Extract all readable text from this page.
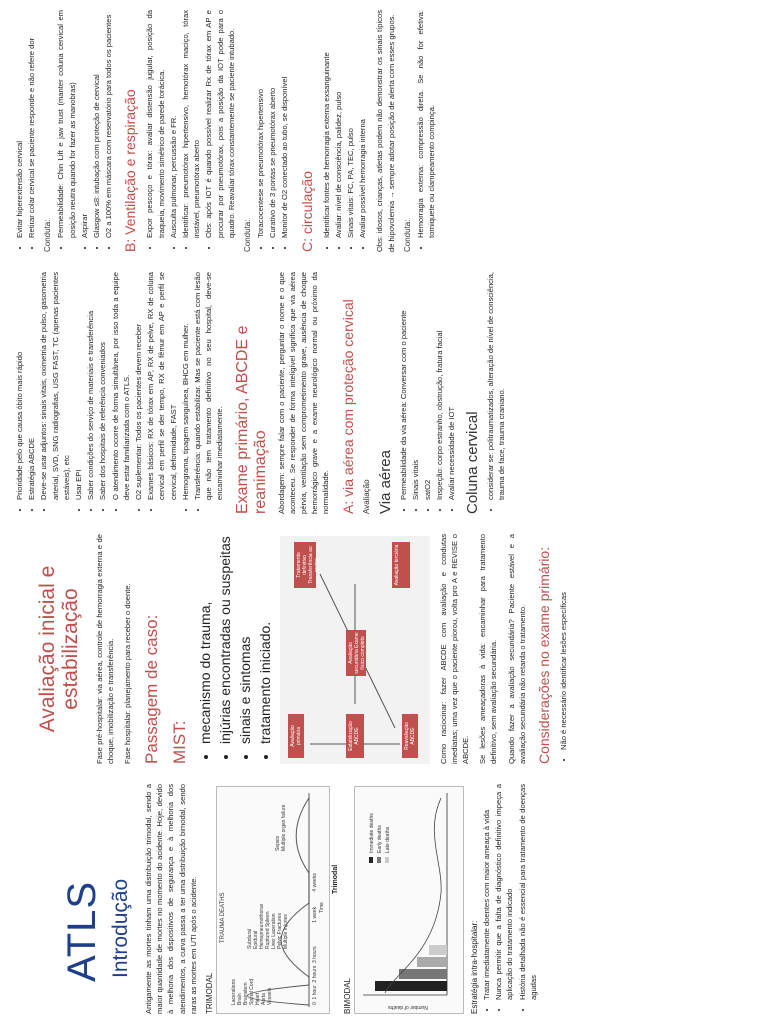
ATLS Introdução Antigamente as mortes tinham uma distribuição trimodal, sendo a maior quantidade de mortes no momento do acidente. Hoje, devido à melhoria dos dispositivos de segurança e à melhoria dos atendimentos, a curva passa a ter uma distribuição bimodal, sendo raras as mortes em UTI após o acidente. TRIMODAL
TRAUMA DEATHS
Lacerations Brain Brainstem Spinal Cord Heart Aorta Vessels
Subdural Epidural Hemopneumothorax Ruptured Spleen Liver Laceration Pelvic Fractures Multiple Injuries
Sepsis Multiple organ failure
0  1 hour  2 hours  3 hours                 1 week           4 weeks
Time
Trimodal
BIMODAL	Number of deaths
Immediate deaths Early deaths Late deaths
Estratégia intra-hospitalar: • Tratar imediatamente doentes com maior ameaça à vida • Nunca permitir que a falta de diagnóstico definitivo impeça a aplicação do tratamento indicado • História detalhada não é essencial para tratamento de doenças agudas
Avaliação inicial e estabilização Fase pré-hospitalar: via aérea, controle de hemorragia externa e de choque, imobilização e transferência. Fase hospitalar: planejamento para receber o doente. Passagem de caso: MIST: • mecanismo do trauma, • injúrias encontradas ou suspeitas • sinais e sintomas • tratamento iniciado.	Avaliação primária	Estabilização ABCDE	Reavaliação ABCDE
Avaliação secundária Exame físico completo
Tratamento definitivo Transferência ao centro	Avaliação terciária	Como raciocinar: fazer ABCDE com avaliação e condutas imediatas; uma vez que o paciente piorou, volta pro A e REVISE o ABCDE. Se lesões ameaçadoras à vida: encaminhar para tratamento definitivo, sem avaliação secundária. Quando fazer a avaliação secundária? Paciente estável e a avaliação secundária não retarda o tratamento. Considerações no exame primário: • Não é necessário identificar lesões específicas
• Prioridade pelo que causa óbito mais rápido • Estratégia ABCDE • Deve-se usar adjuntos: sinais vitais, oximetria de pulso, gasometria arterial, SVD, SNG radiografias, USG FAST, TC (apenas pacientes estáveis), etc • Usar EPI • Saber condições do serviço de materiais e transferência • Saber dos hospitais de referência conveniados • O atendimento ocorre de forma simultânea, por isso toda a equipe deve estar familiarizada com o ATLS. • O2 suplementar: Todos os pacientes devem receber • Exames básicos: RX de tórax em AP, RX de pelve, RX de coluna cervical em perfil se der tempo, RX de fêmur em AP e perfil se cervical, deformidade, FAST • Hemograma, tipagem sanguínea, BHCG em mulher. • Transferência: quando estabilizar. Mas se paciente está com lesão que não tem tratamento definitivo no seu hospital, deve-se encaminhar imediatamente. Exame primário, ABCDE e reanimação Abordagem: sempre falar com o paciente, perguntar o nome e o que aconteceu. Se responder de forma inteligível significa que via aérea pérvia, ventilação sem comprometimento grave, ausência de choque hemorrágico grave e a exame neurológico normal ou próximo da normalidade. A: via aérea com proteção cervical Avaliação Via aérea • Permeabilidade da via aérea: Conversar com o paciente • Sinais vitais • satO2 • Inspeção: corpo estranho, obstrução, fratura facial • Avaliar necessidade de IOT Coluna cervical • considerar se: politraumatizados, alteração de nível de consciência, trauma de face, trauma craniano.
• Evitar hiperextensão cervical • Retirar colar cervical se paciente responde e não refere dor Conduta: • Permeabilidade: Chin Lift e jaw trust (manter coluna cervical em posição neutra quando for fazer as manobras) • Aspirar • Glasgow ≤8: intubação com proteção de cervical • O2 a 100% em máscara com reservatório para todos os pacientes B: Ventilação e respiração • Expor pescoço e tórax: avaliar distensão jugular, posição da traqueia, movimento simétrico de parede torácica. • Ausculta pulmonar, percussão e FR. • Identificar: pneumotórax hipertensivo, hemotórax maciço, tórax instável, pneumotórax aberto • Obs: após IOT é quando possível realizar Rx de tórax em AP e procurar por pneumotórax, pois a posição da IOT pode para o quadro. Reavaliar tórax constantemente se paciente intubado. Conduta: • Toracocentese se pneumotórax hipertensivo • Curativo de 3 pontas se pneumotórax aberto • Monitor de O2 conectado ao tubo, se disponível C: circulação • Identificar fontes de hemorragia externa exsanguinante • Avaliar: nível de consciência, palidez, pulso • Sinais vitais: FC, PA, TEC, pulso • Avaliar possível hemorragia interna Obs: idosos, crianças, atletas podem não demonstrar os sinais típicos de hipovolemia → sempre adotar posição de alerta com esses grupos. Conduta: • Hemorragia externa: compressão direta. Se não for efetiva: torniquete ou clampeamento compinça.
